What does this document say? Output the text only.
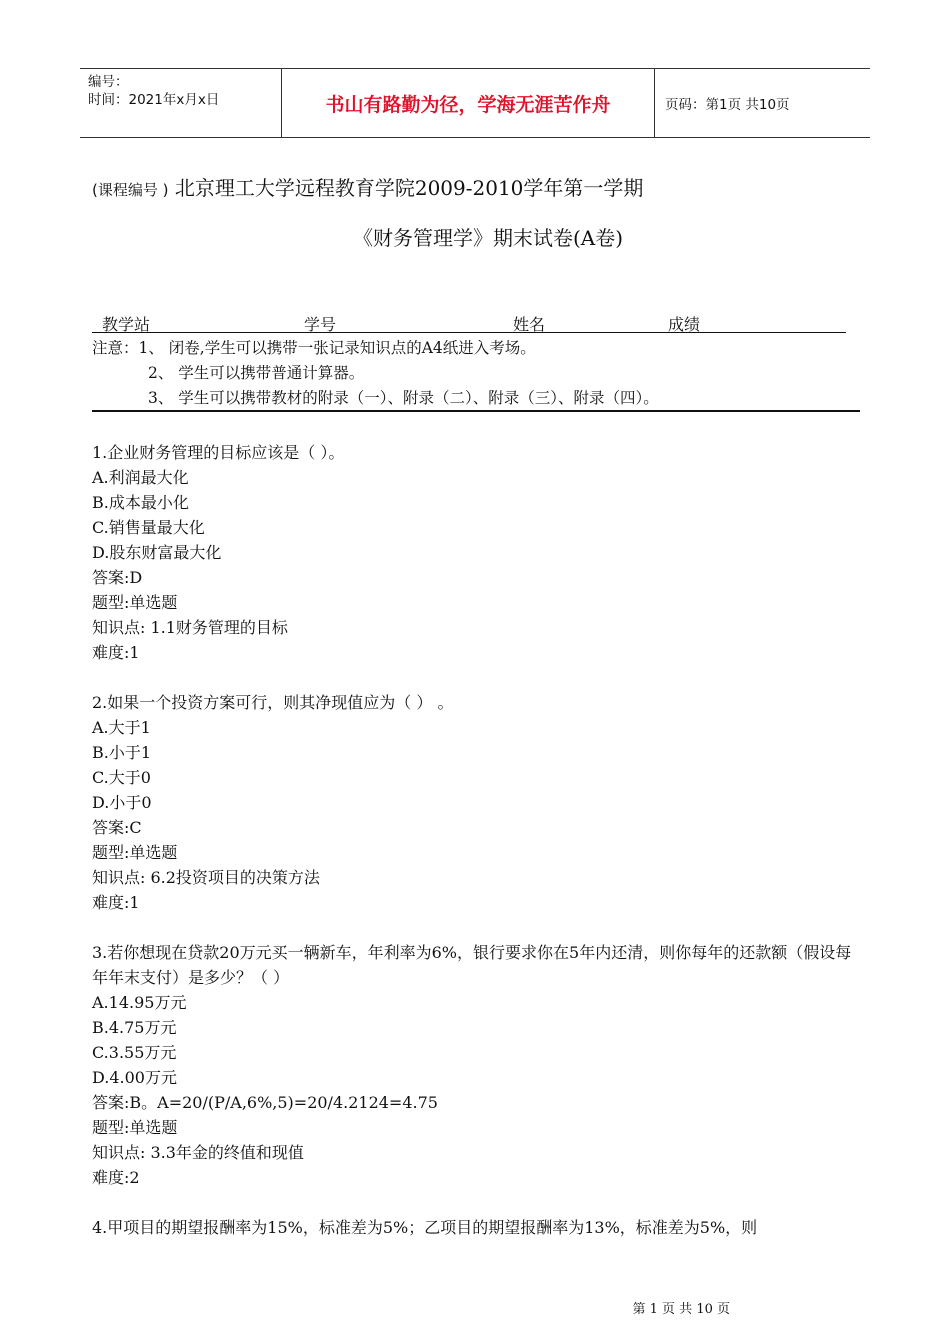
编号：
时间：2021年x月x日	书山有路勤为径，学海无涯苦作舟	页码：第1页 共10页
(课程编号 ) 北京理工大学远程教育学院2009-2010学年第一学期
《财务管理学》期末试卷(A卷)
教学站	学号	姓名	成绩
注意：1、 闭卷,学生可以携带一张记录知识点的A4纸进入考场。
2、 学生可以携带普通计算器。
3、 学生可以携带教材的附录（一）、附录（二）、附录（三）、附录（四）。
1.企业财务管理的目标应该是（ ）。
A.利润最大化
B.成本最小化
C.销售量最大化
D.股东财富最大化
答案:D
题型:单选题
知识点: 1.1财务管理的目标
难度:1
2.如果一个投资方案可行，则其净现值应为（ ） 。
A.大于1
B.小于1
C.大于0
D.小于0
答案:C
题型:单选题
知识点: 6.2投资项目的决策方法
难度:1
3.若你想现在贷款20万元买一辆新车，年利率为6%，银行要求你在5年内还清，则你每年的还款额（假设每年年末支付）是多少？（ ）
A.14.95万元
B.4.75万元
C.3.55万元
D.4.00万元
答案:B。A=20/(P/A,6%,5)=20/4.2124=4.75
题型:单选题
知识点: 3.3年金的终值和现值
难度:2
4.甲项目的期望报酬率为15%，标准差为5%；乙项目的期望报酬率为13%，标准差为5%，则
第 1 页 共 10 页
